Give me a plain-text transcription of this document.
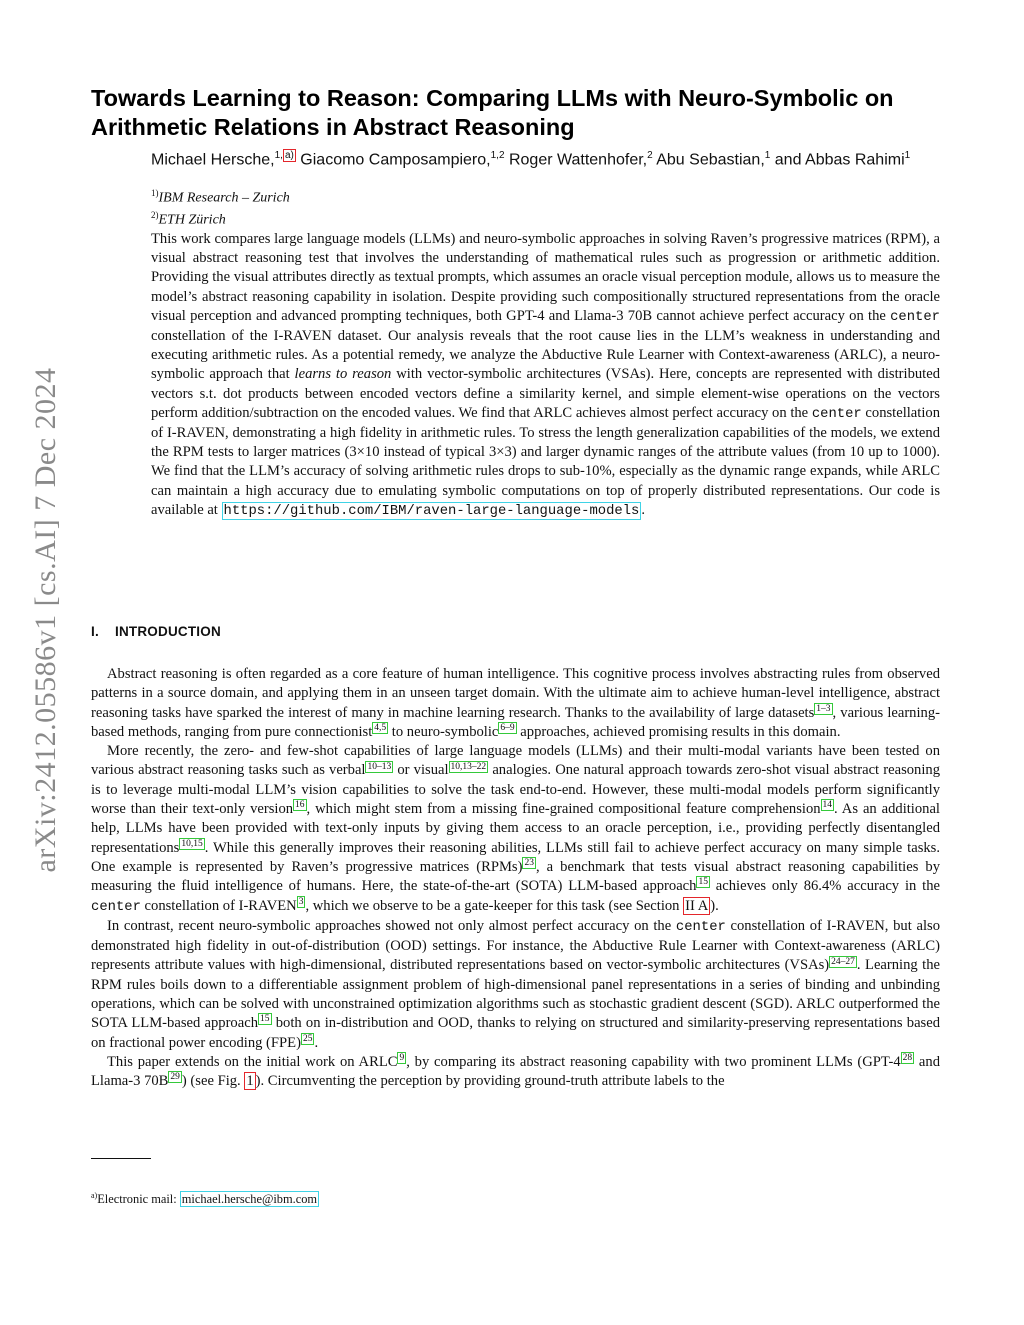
arXiv:2412.05586v1 [cs.AI] 7 Dec 2024
Towards Learning to Reason: Comparing LLMs with Neuro-Symbolic on Arithmetic Relations in Abstract Reasoning
Michael Hersche,$^{1,}$ $^{a)}$ Giacomo Camposampiero,$^{1,2}$ Roger Wattenhofer,$^2$ Abu Sebastian,$^1$ and Abbas Rahimi$^1$
$^{1)}$IBM Research – Zurich
$^{2)}$ETH Zürich

This work compares large language models (LLMs) and neuro-symbolic approaches in solving Raven’s progressive matrices (RPM), a visual abstract reasoning test that involves the understanding of mathematical rules such as progression or arithmetic addition. Providing the visual attributes directly as textual prompts, which assumes an oracle visual perception module, allows us to measure the model’s abstract reasoning capability in isolation. Despite providing such compositionally structured representations from the oracle visual perception and advanced prompting techniques, both GPT-4 and Llama-3 70B cannot achieve perfect accuracy on the center constellation of the I-RAVEN dataset. Our analysis reveals that the root cause lies in the LLM’s weakness in understanding and executing arithmetic rules. As a potential remedy, we analyze the Abductive Rule Learner with Context-awareness (ARLC), a neuro-symbolic approach that learns to reason with vector-symbolic architectures (VSAs). Here, concepts are represented with distributed vectors s.t. dot products between encoded vectors define a similarity kernel, and simple element-wise operations on the vectors perform addition/subtraction on the encoded values. We find that ARLC achieves almost perfect accuracy on the center constellation of I-RAVEN, demonstrating a high fidelity in arithmetic rules. To stress the length generalization capabilities of the models, we extend the RPM tests to larger matrices (3×10 instead of typical 3×3) and larger dynamic ranges of the attribute values (from 10 up to 1000). We find that the LLM’s accuracy of solving arithmetic rules drops to sub-10%, especially as the dynamic range expands, while ARLC can maintain a high accuracy due to emulating symbolic computations on top of properly distributed representations. Our code is available at https://github.com/IBM/raven-large-language-models .

I. INTRODUCTION

Abstract reasoning is often regarded as a core feature of human intelligence. This cognitive process involves abstracting rules from observed patterns in a source domain, and applying them in an unseen target domain. With the ultimate aim to achieve human-level intelligence, abstract reasoning tasks have sparked the interest of many in machine learning research. Thanks to the availability of large datasets $^{1-3}$ , various learning-based methods, ranging from pure connectionist $^{4,5}$ to neuro-symbolic $^{6-9}$ approaches, achieved promising results in this domain.

More recently, the zero- and few-shot capabilities of large language models (LLMs) and their multi-modal variants have been tested on various abstract reasoning tasks such as verbal $^{10-13}$ or visual $^{10,13-22}$ analogies. One natural approach towards zero-shot visual abstract reasoning is to leverage multi-modal LLM’s vision capabilities to solve the task end-to-end. However, these multi-modal models perform significantly worse than their text-only version $^{16}$ , which might stem from a missing fine-grained compositional feature comprehension $^{14}$ . As an additional help, LLMs have been provided with text-only inputs by giving them access to an oracle perception, i.e., providing perfectly disentangled representations $^{10,15}$ . While this generally improves their reasoning abilities, LLMs still fail to achieve perfect accuracy on many simple tasks. One example is represented by Raven’s progressive matrices (RPMs) $^{23}$ , a benchmark that tests visual abstract reasoning capabilities by measuring the fluid intelligence of humans. Here, the state-of-the-art (SOTA) LLM-based approach $^{15}$ achieves only 86.4% accuracy in the center constellation of I-RAVEN $^3$ , which we observe to be a gate-keeper for this task (see Section II A ).

In contrast, recent neuro-symbolic approaches showed not only almost perfect accuracy on the center constellation of I-RAVEN, but also demonstrated high fidelity in out-of-distribution (OOD) settings. For instance, the Abductive Rule Learner with Context-awareness (ARLC) represents attribute values with high-dimensional, distributed representations based on vector-symbolic architectures (VSAs) $^{24-27}$ . Learning the RPM rules boils down to a differentiable assignment problem of high-dimensional panel representations in a series of binding and unbinding operations, which can be solved with unconstrained optimization algorithms such as stochastic gradient descent (SGD). ARLC outperformed the SOTA LLM-based approach $^{15}$ both on in-distribution and OOD, thanks to relying on structured and similarity-preserving representations based on fractional power encoding (FPE) $^{25}$ .

This paper extends on the initial work on ARLC $^9$ , by comparing its abstract reasoning capability with two prominent LLMs (GPT-4 $^{28}$ and Llama-3 70B $^{29}$ ) (see Fig. 1 ). Circumventing the perception by providing ground-truth attribute labels to the

$^{a)}$Electronic mail: michael.hersche@ibm.com
